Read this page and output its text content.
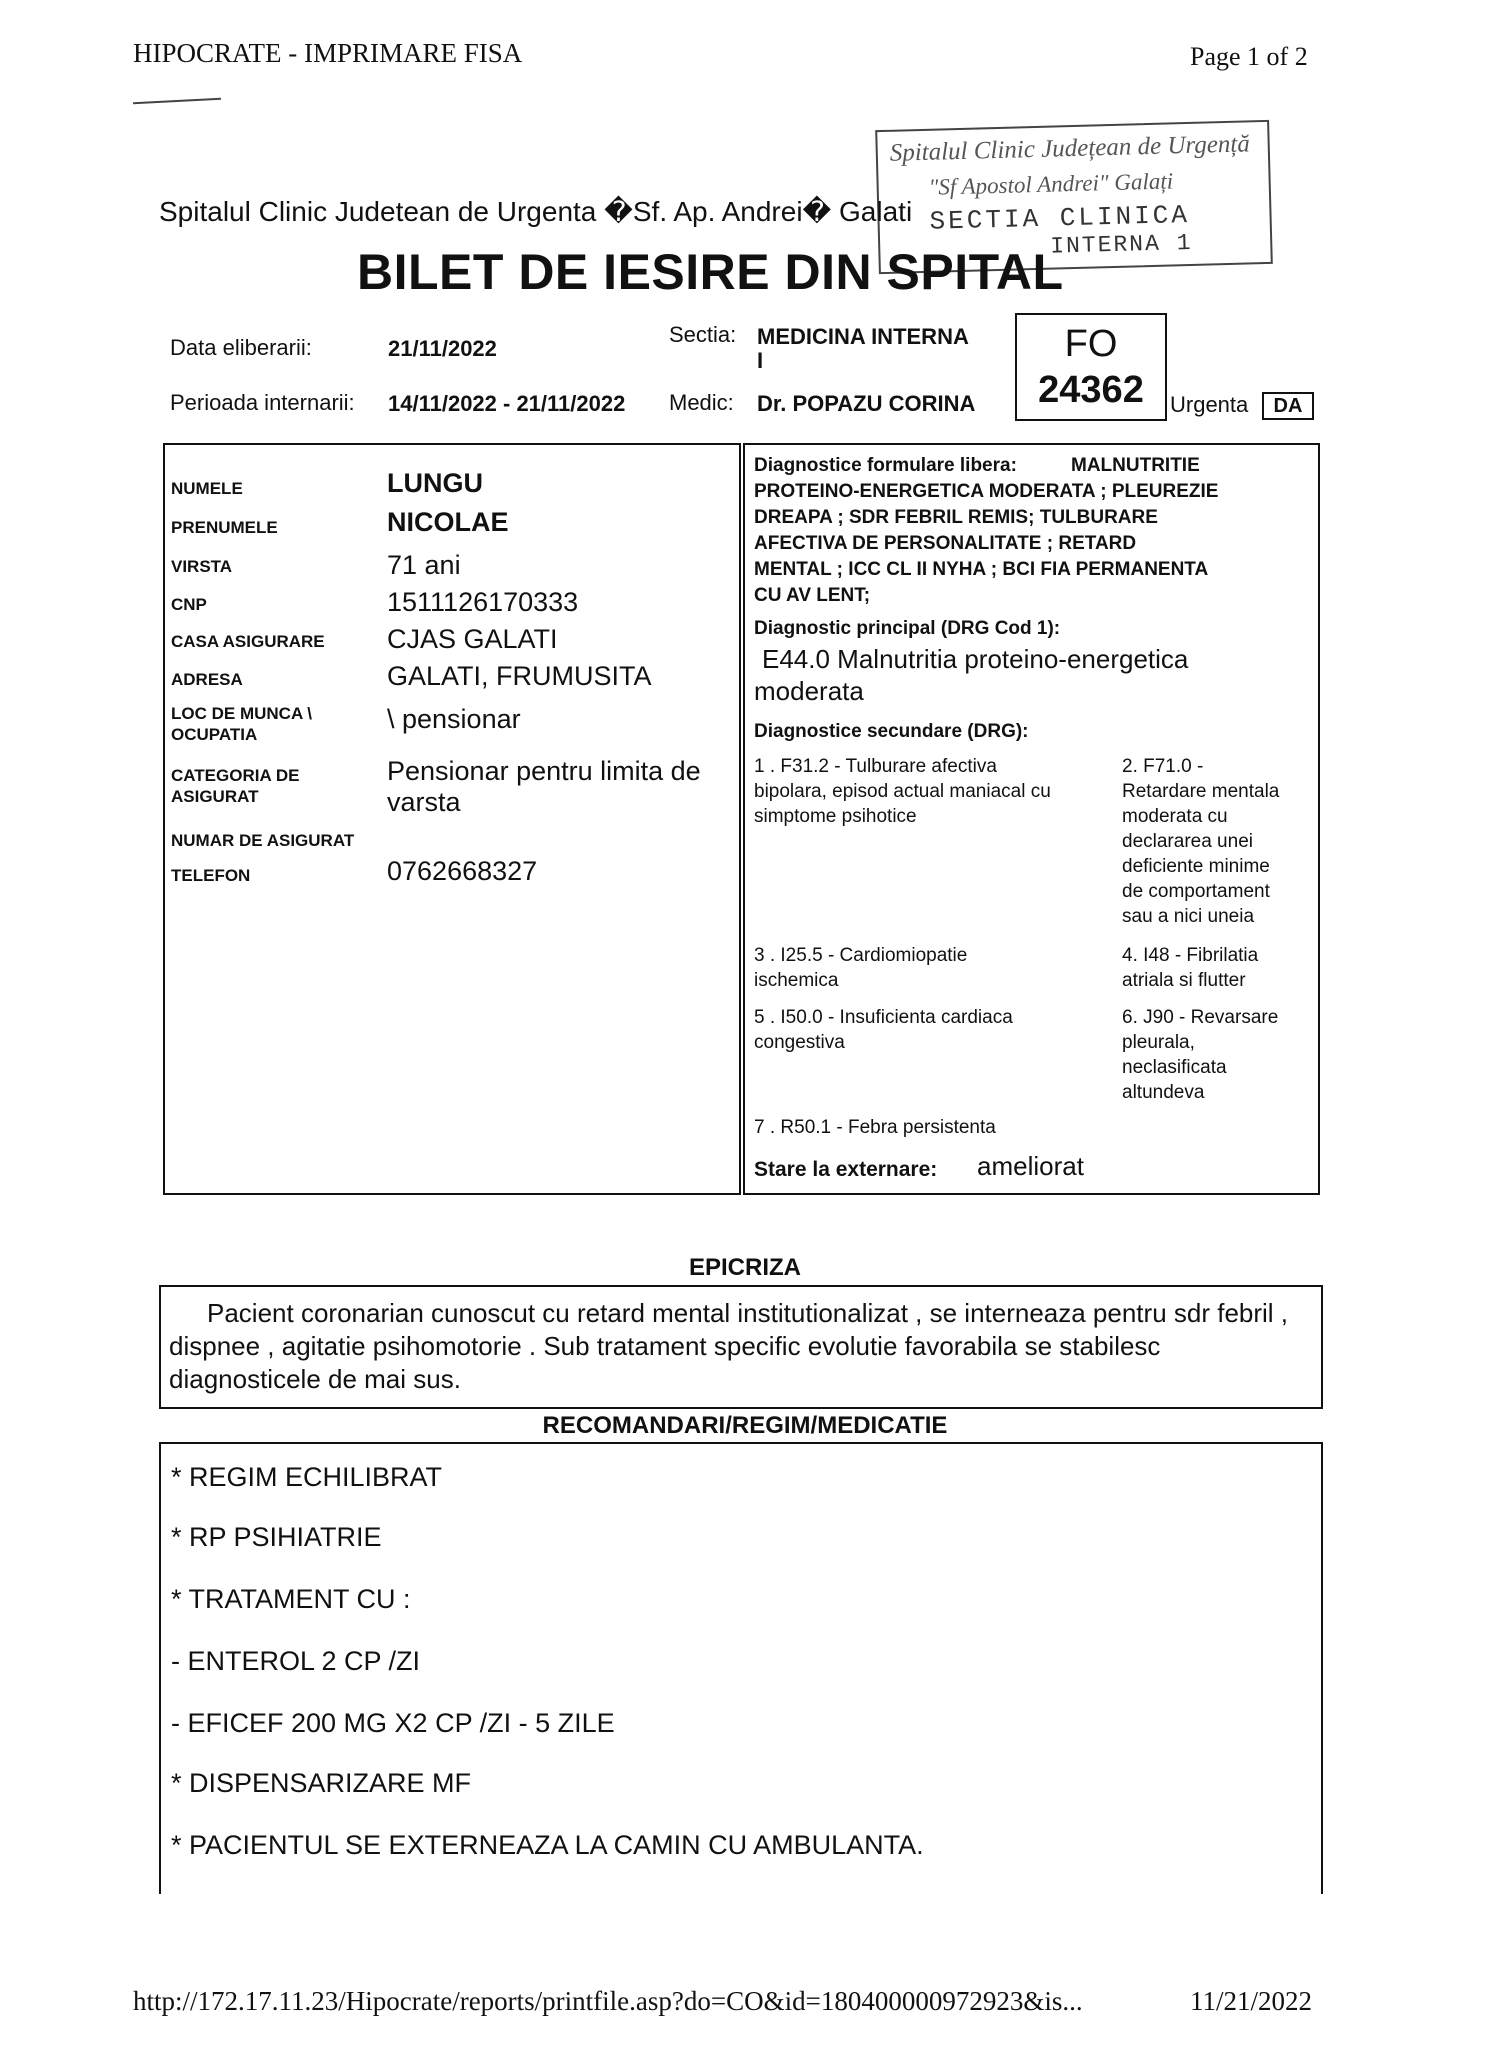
HIPOCRATE - IMPRIMARE FISA	Page 1 of 2
Spitalul Clinic Județean de Urgență
"Sf Apostol Andrei" Galați
SECTIA CLINICA
INTERNA 1
Spitalul Clinic Judetean de Urgenta �Sf. Ap. Andrei� Galati
BILET DE IESIRE DIN SPITAL
Data eliberarii:	21/11/2022
Perioada internarii: 14/11/2022 - 21/11/2022
Sectia: MEDICINA INTERNA
I
Medic: Dr. POPAZU CORINA
FO
24362	Urgenta	DA
NUMELE	LUNGU
PRENUMELE	NICOLAE
VIRSTA	71 ani
CNP	1511126170333
CASA ASIGURARE CJAS GALATI
ADRESA	GALATI, FRUMUSITA
LOC DE MUNCA \
OCUPATIA
\ pensionar
CATEGORIA DE
ASIGURAT
Pensionar pentru limita de
varsta
NUMAR DE ASIGURAT
TELEFON	0762668327
Diagnostice formulare libera:	MALNUTRITIE
PROTEINO-ENERGETICA MODERATA ; PLEUREZIE
DREAPA ; SDR FEBRIL REMIS; TULBURARE
AFECTIVA DE PERSONALITATE ; RETARD
MENTAL ; ICC CL II NYHA ; BCI FIA PERMANENTA
CU AV LENT;
Diagnostic principal (DRG Cod 1):
E44.0 Malnutritia proteino-energetica
moderata
Diagnostice secundare (DRG):
1 . F31.2 - Tulburare afectiva
bipolara, episod actual maniacal cu
simptome psihotice
2. F71.0 -
Retardare mentala
moderata cu
declararea unei
deficiente minime
de comportament
sau a nici uneia
3 . I25.5 - Cardiomiopatie
ischemica
4. I48 - Fibrilatia
atriala si flutter
5 . I50.0 - Insuficienta cardiaca
congestiva
6. J90 - Revarsare
pleurala,
neclasificata
altundeva
7 . R50.1 - Febra persistenta
Stare la externare: ameliorat
EPICRIZA
Pacient coronarian cunoscut cu retard mental institutionalizat , se interneaza pentru sdr febril , dispnee , agitatie psihomotorie . Sub tratament specific evolutie favorabila se stabilesc diagnosticele de mai sus.
RECOMANDARI/REGIM/MEDICATIE
* REGIM ECHILIBRAT
* RP PSIHIATRIE
* TRATAMENT CU :
- ENTEROL 2 CP /ZI
- EFICEF 200 MG X2 CP /ZI - 5 ZILE
* DISPENSARIZARE MF
* PACIENTUL SE EXTERNEAZA LA CAMIN CU AMBULANTA.
http://172.17.11.23/Hipocrate/reports/printfile.asp?do=CO&id=180400000972923&is...	11/21/2022
